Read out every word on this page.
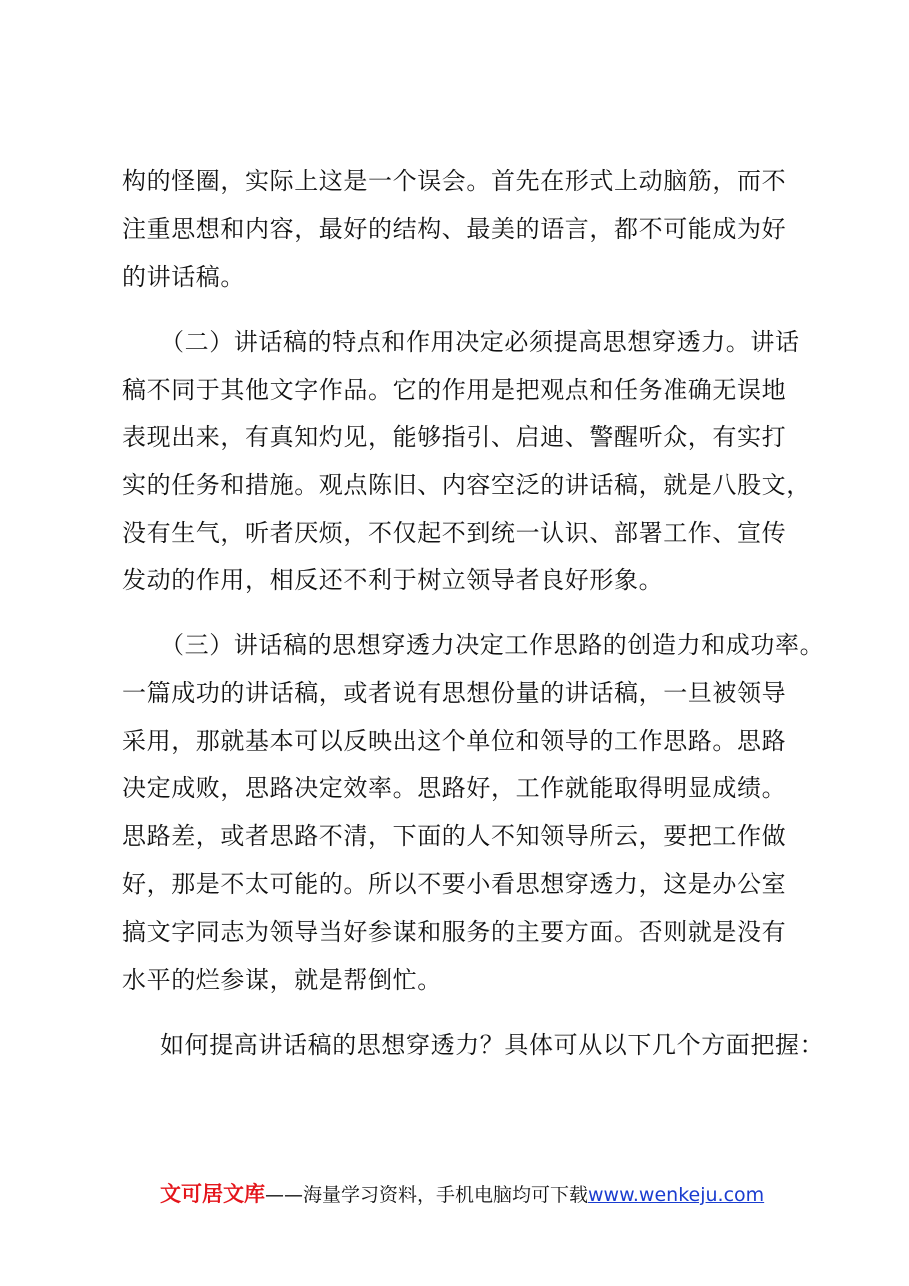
构的怪圈，实际上这是一个误会。首先在形式上动脑筋，而不
注重思想和内容，最好的结构、最美的语言，都不可能成为好
的讲话稿。
（二）讲话稿的特点和作用决定必须提高思想穿透力。讲话
稿不同于其他文字作品。它的作用是把观点和任务准确无误地
表现出来，有真知灼见，能够指引、启迪、警醒听众，有实打
实的任务和措施。观点陈旧、内容空泛的讲话稿，就是八股文，
没有生气，听者厌烦，不仅起不到统一认识、部署工作、宣传
发动的作用，相反还不利于树立领导者良好形象。
（三）讲话稿的思想穿透力决定工作思路的创造力和成功率。
一篇成功的讲话稿，或者说有思想份量的讲话稿，一旦被领导
采用，那就基本可以反映出这个单位和领导的工作思路。思路
决定成败，思路决定效率。思路好，工作就能取得明显成绩。
思路差，或者思路不清，下面的人不知领导所云，要把工作做
好，那是不太可能的。所以不要小看思想穿透力，这是办公室
搞文字同志为领导当好参谋和服务的主要方面。否则就是没有
水平的烂参谋，就是帮倒忙。
如何提高讲话稿的思想穿透力？具体可从以下几个方面把握：
文可居文库——海量学习资料，手机电脑均可下载www.wenkeju.com
